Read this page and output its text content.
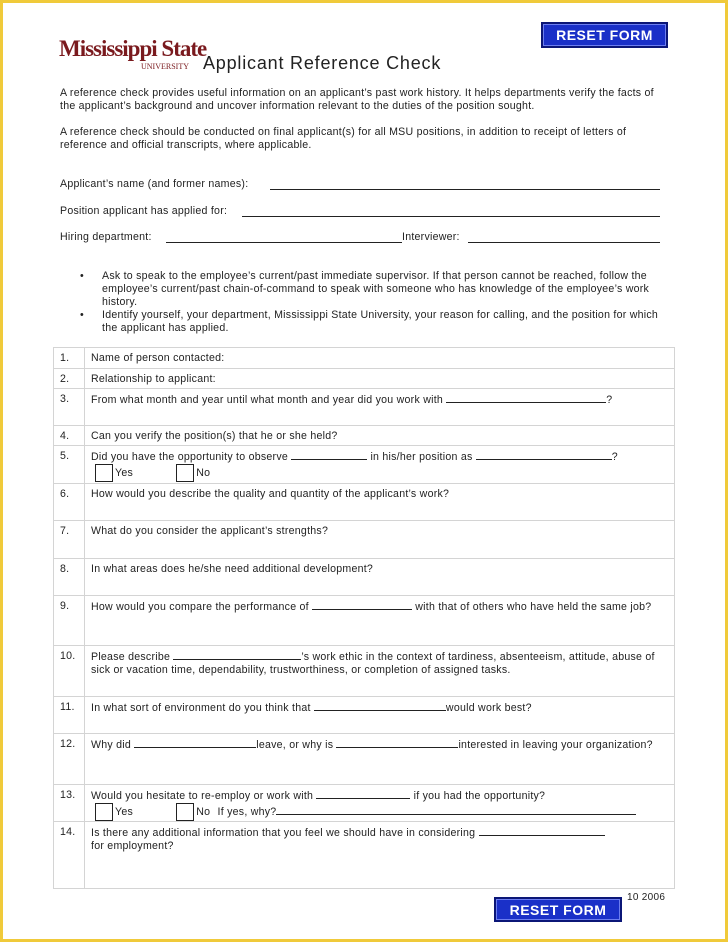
RESET FORM
Mississippi State
UNIVERSITY Applicant Reference Check
A reference check provides useful information on an applicant’s past work history. It helps departments verify the facts of the applicant’s background and uncover information relevant to the duties of the position sought.
A reference check should be conducted on final applicant(s) for all MSU positions, in addition to receipt of letters of reference and official transcripts, where applicable.
Applicant’s name (and former names):
Position applicant has applied for:
Hiring department:	Interviewer:
• Ask to speak to the employee’s current/past immediate supervisor. If that person cannot be reached, follow the employee’s current/past chain-of-command to speak with someone who has knowledge of the employee’s work history.
• Identify yourself, your department, Mississippi State University, your reason for calling, and the position for which the applicant has applied.
1.	Name of person contacted:
2.	Relationship to applicant:
3.	From what month and year until what month and year did you work with ?
4.	Can you verify the position(s) that he or she held?
5.	Did you have the opportunity to observe in his/her position as ?
Yes No
6.	How would you describe the quality and quantity of the applicant’s work?
7.	What do you consider the applicant’s strengths?
8.	In what areas does he/she need additional development?
9.	How would you compare the performance of with that of others who have held the same job?
10.	Please describe ’s work ethic in the context of tardiness, absenteeism, attitude, abuse of sick or vacation time, dependability, trustworthiness, or completion of assigned tasks.
11.	In what sort of environment do you think that would work best?
12.	Why did leave, or why is interested in leaving your organization?
13.	Would you hesitate to re-employ or work with if you had the opportunity?
Yes No If yes, why?
14.	Is there any additional information that you feel we should have in considering
for employment?
10 2006
RESET FORM
